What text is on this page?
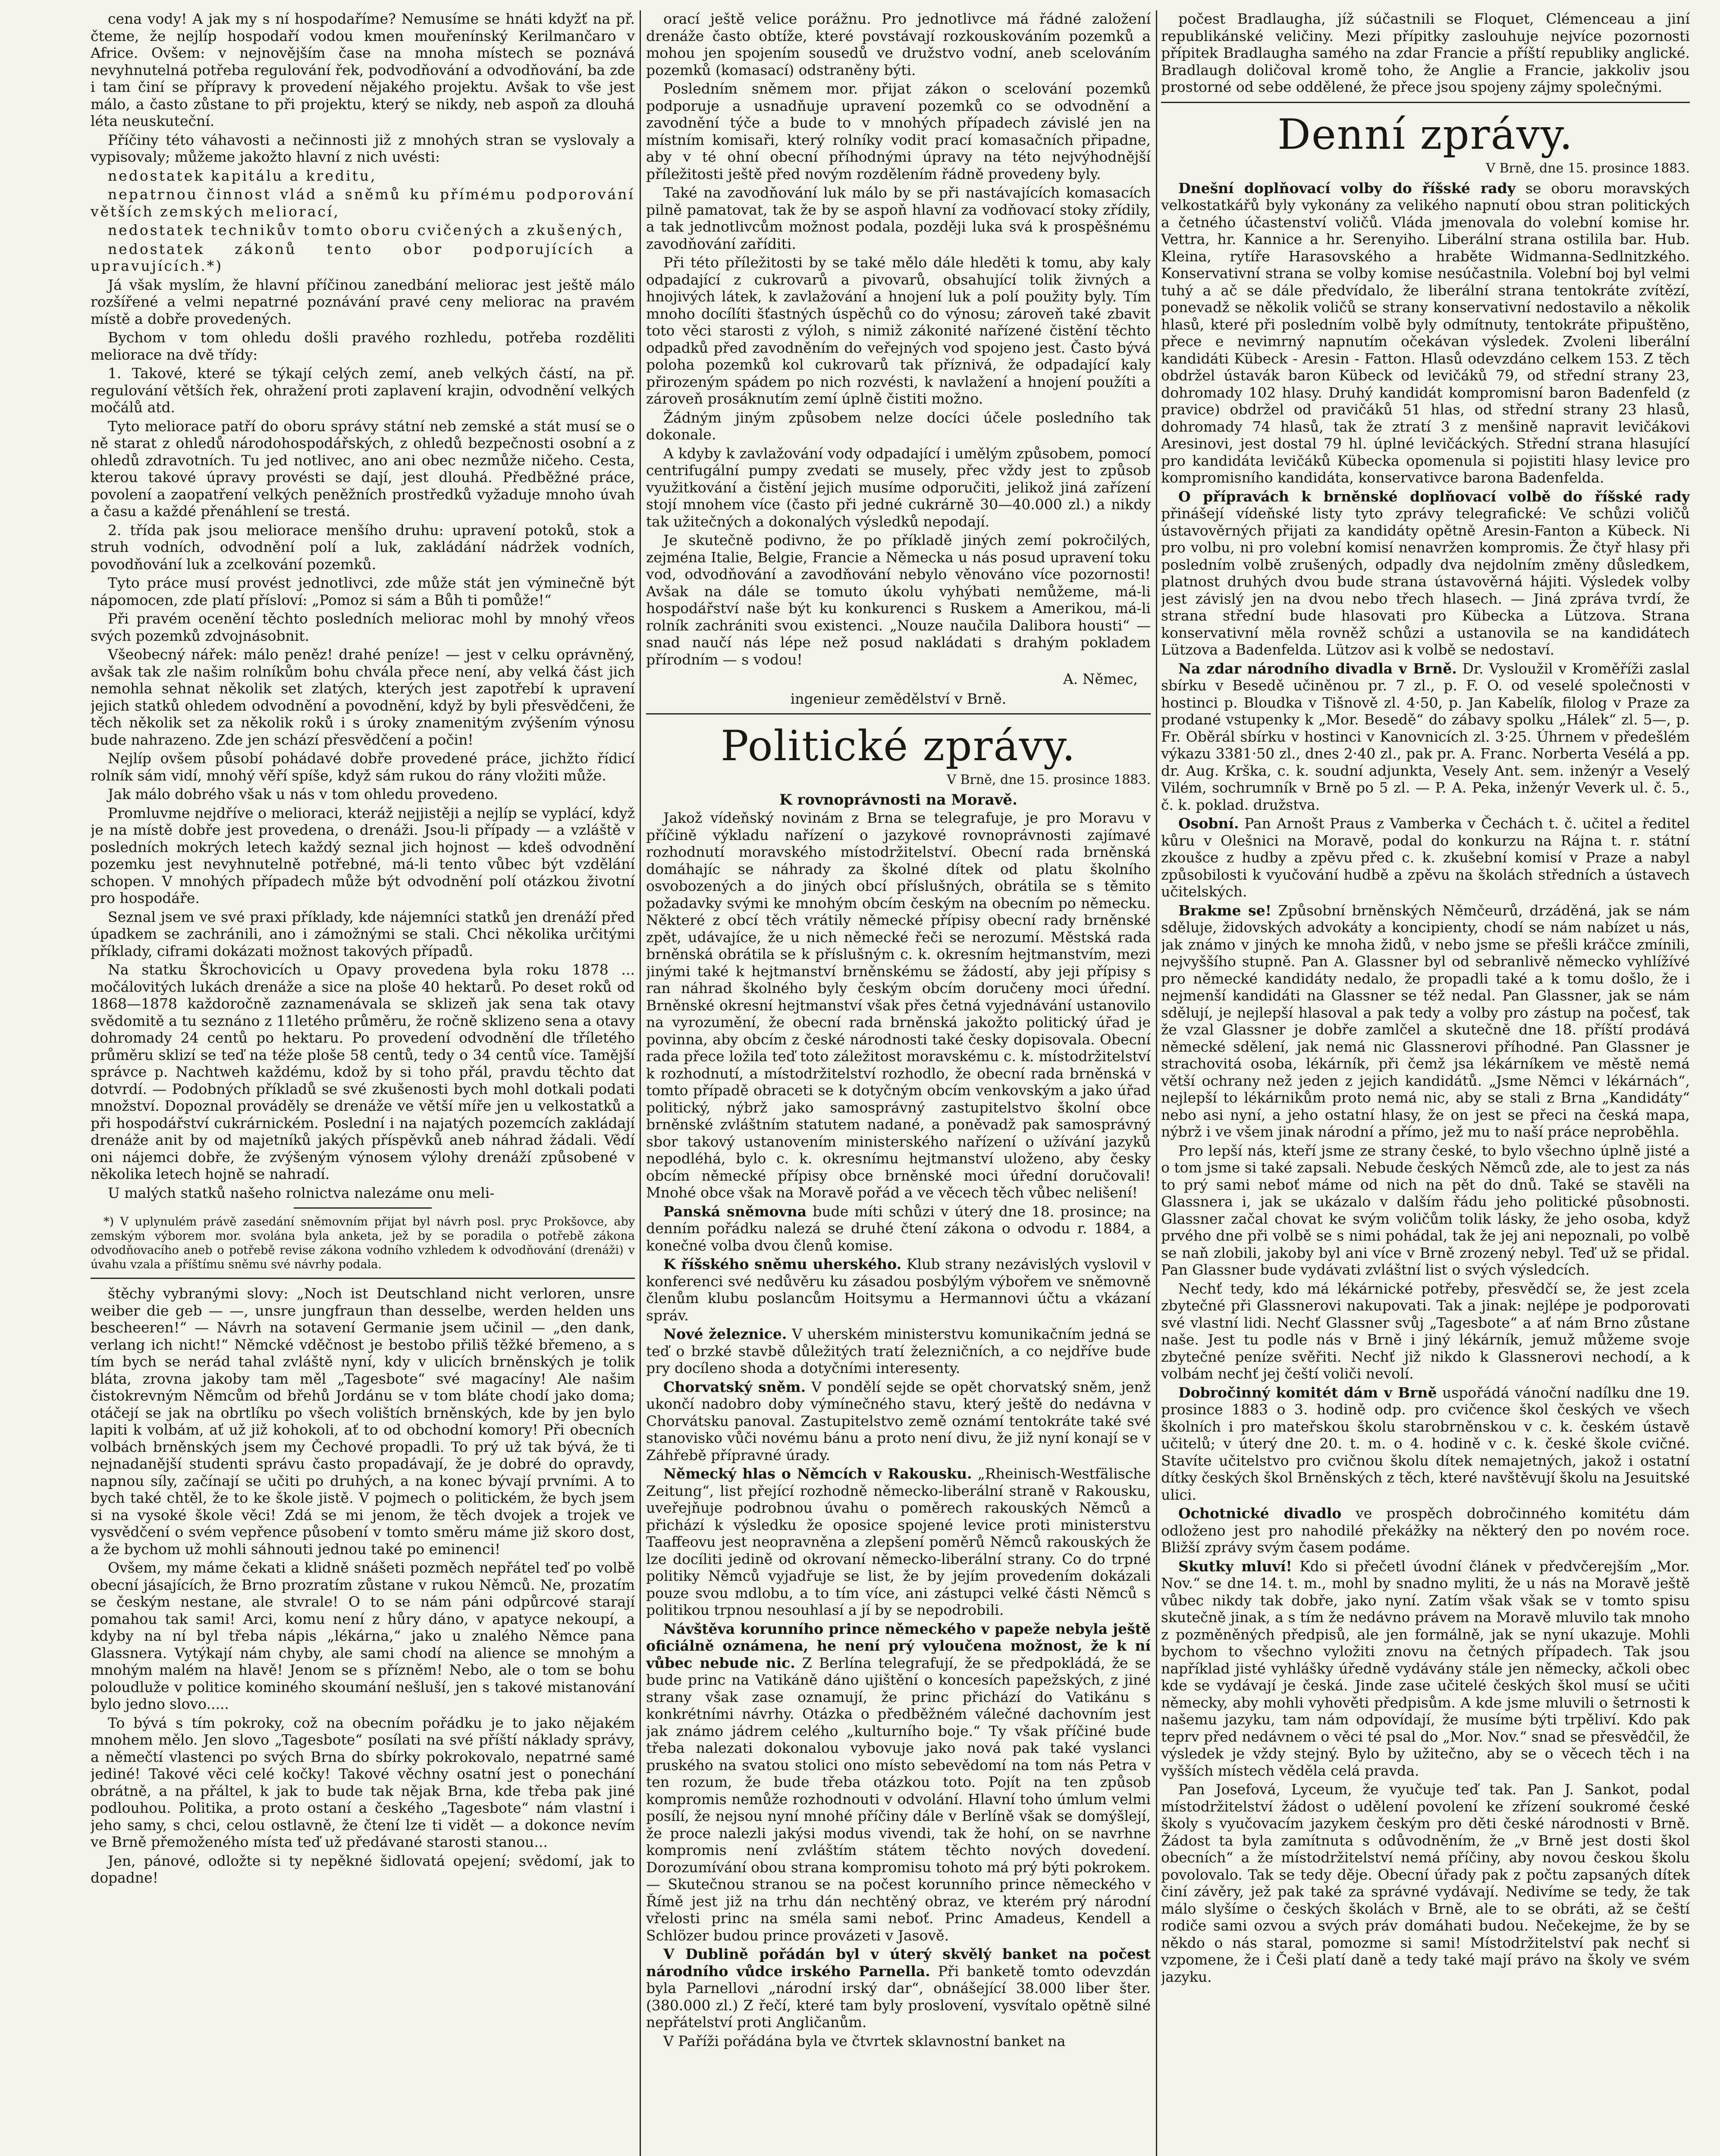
cena vody! A jak my s ní hospodaříme? Nemusíme se hnáti kdyžť na př. čteme, že nejlíp hospodaří vodou kmen mouřenínský Kerilmančaro v Africe. Ovšem: v nejnovějším čase na mnoha místech se poznává nevyhnutelná potřeba regulování řek, podvodňování a odvodňování, ba zde i tam činí se přípravy k provedení nějakého projektu. Avšak to vše jest málo, a často zůstane to při projektu, který se nikdy, neb aspoň za dlouhá léta neuskuteční.

Příčiny této váhavosti a nečinnosti již z mnohých stran se vyslovaly a vypisovaly; můžeme jakožto hlavní z nich uvésti:

nedostatek kapitálu a kreditu,

nepatrnou činnost vlád a sněmů ku přímému podporování větších zemských meliorací,

nedostatek technikův tomto oboru cvičených a zkušených,

nedostatek zákonů tento obor podporujících a upravujících.*)

Já však myslím, že hlavní příčinou zanedbání meliorac jest ještě málo rozšířené a velmi nepatrné poznávání pravé ceny meliorac na pravém místě a dobře provedených.

Bychom v tom ohledu došli pravého rozhledu, potřeba rozděliti meliorace na dvě třídy:

1. Takové, které se týkají celých zemí, aneb velkých částí, na př. regulování větších řek, ohražení proti zaplavení krajin, odvodnění velkých močálů atd.

Tyto meliorace patří do oboru správy státní neb zemské a stát musí se o ně starat z ohledů národohospodářských, z ohledů bezpečnosti osobní a z ohledů zdravotních. Tu jed notlivec, ano ani obec nezmůže ničeho. Cesta, kterou takové úpravy provésti se dají, jest dlouhá. Předběžné práce, povolení a zaopatření velkých peněžních prostředků vyžaduje mnoho úvah a času a každé přenáhlení se trestá.

2. třída pak jsou meliorace menšího druhu: upravení potoků, stok a struh vodních, odvodnění polí a luk, zakládání nádržek vodních, povodňování luk a zcelkování pozemků.

Tyto práce musí provést jednotlivci, zde může stát jen výminečně být nápomocen, zde platí přísloví: „Pomoz si sám a Bůh ti pomůže!“

Při pravém ocenění těchto posledních meliorac mohl by mnohý vřeos svých pozemků zdvojnásobnit.

Všeobecný nářek: málo peněz! drahé peníze! — jest v celku oprávněný, avšak tak zle našim rolníkům bohu chvála přece není, aby velká část jich nemohla sehnat několik set zlatých, kterých jest zapotřebí k upravení jejich statků ohledem odvodnění a povodnění, když by byli přesvědčeni, že těch několik set za několik roků i s úroky znamenitým zvýšením výnosu bude nahrazeno. Zde jen schází přesvědčení a počin!

Nejlíp ovšem působí pohádavé dobře provedené práce, jichžto řídicí rolník sám vidí, mnohý věří spíše, když sám rukou do rány vložiti může.

Jak málo dobrého však u nás v tom ohledu provedeno.

Promluvme nejdříve o melioraci, kteráž nejjistěji a nejlíp se vyplácí, když je na místě dobře jest provedena, o drenáži. Jsou-li případy — a vzláště v posledních mokrých letech každý seznal jich hojnost — kdeš odvodnění pozemku jest nevyhnutelně potřebné, má-li tento vůbec být vzdělání schopen. V mnohých případech může být odvodnění polí otázkou životní pro hospodáře.

Seznal jsem ve své praxi příklady, kde nájemníci statků jen drenáží před úpadkem se zachránili, ano i zámožnými se stali. Chci několika určitými příklady, ciframi dokázati možnost takových případů.

Na statku Škrochovicích u Opavy provedena byla roku 1878 ... močálovitých lukách drenáže a sice na ploše 40 hektarů. Po deset roků od 1868—1878 každoročně zaznamenávala se sklizeň jak sena tak otavy svědomitě a tu seznáno z 11letého průměru, že ročně sklizeno sena a otavy dohromady 24 centů po hektaru. Po provedení odvodnění dle tříletého průměru sklizí se teď na téže ploše 58 centů, tedy o 34 centů více. Tamější správce p. Nachtweh každému, kdož by si toho přál, pravdu těchto dat dotvrdí. — Podobných příkladů se své zkušenosti bych mohl dotkali podati množství. Dopoznal prováděly se drenáže ve větší míře jen u velkostatků a při hospodářství cukrárnickém. Poslední i na najatých pozemcích zakládají drenáže anit by od majetníků jakých příspěvků aneb náhrad žádali. Vědí oni nájemci dobře, že zvýšeným výnosem výlohy drenáží způsobené v několika letech hojně se nahradí.

U malých statků našeho rolnictva nalezáme onu meli-

*) V uplynulém právě zasedání sněmovním přijat byl návrh posl. pryc Prokšovce, aby zemským výborem mor. svolána byla anketa, jež by se poradila o potřebě zákona odvodňovacího aneb o potřebě revise zákona vodního vzhledem k odvodňování (drenáži) v úvahu vzala a příštímu sněmu své návrhy podala.

štěchy vybranými slovy: „Noch ist Deutschland nicht verloren, unsre weiber die geb — —, unsre jungfraun than desselbe, werden helden uns bescheeren!“ — Návrh na sotavení Germanie jsem učinil — „den dank, verlang ich nicht!“ Němcké vděčnost je bestobo přiliš těžké břemeno, a s tím bych se nerád tahal zvláště nyní, kdy v ulicích brněnských je tolik bláta, zrovna jakoby tam měl „Tagesbote“ své magacíny! Ale našim čistokrevným Němcům od břehů Jordánu se v tom bláte chodí jako doma; otáčejí se jak na obrtlíku po všech volištích brněnských, kde by jen bylo lapiti k volbám, ať už již kohokoli, ať to od obchodní komory! Při obecních volbách brněnských jsem my Čechové propadli. To prý už tak bývá, že ti nejnadanější studenti správu často propadávají, že je dobré do opravdy, napnou síly, začínají se učiti po druhých, a na konec bývají prvními. A to bych také chtěl, že to ke škole jistě. V pojmech o politickém, že bych jsem si na vysoké škole věci! Zdá se mi jenom, že těch dvojek a trojek ve vysvědčení o svém vepřence působení v tomto směru máme již skoro dost, a že bychom už mohli sáhnouti jednou také po eminenci!

Ovšem, my máme čekati a klidně snášeti pozměch nepřátel teď po volbě obecní jásajících, že Brno prozratím zůstane v rukou Němců. Ne, prozatím se českým nestane, ale stvrale! O to se nám páni odpůrcové starají pomahou tak sami! Arci, komu není z hůry dáno, v apatyce nekoupí, a kdyby na ní byl třeba nápis „lékárna,“ jako u znalého Němce pana Glassnera. Vytýkají nám chyby, ale sami chodí na alience se mnohým a mnohým malém na hlavě! Jenom se s přízněm! Nebo, ale o tom se bohu poloudluže v politice kominého skoumání nešluší, jen s takové mistanování bylo jedno slovo.....

To bývá s tím pokroky, což na obecním pořádku je to jako nějakém mnohem mělo. Jen slovo „Tagesbote“ posílati na své příští náklady správy, a němečtí vlastenci po svých Brna do sbírky pokrokovalo, nepatrné samé jediné! Takové věci celé kočky! Takové věchny osatní jest o ponechání obrátně, a na přáltel, k jak to bude tak nějak Brna, kde třeba pak jiné podlouhou. Politika, a proto ostaní a českého „Tagesbote“ nám vlastní i jeho samy, s chci, celou ostlavně, že čtení lze ti vidět — a dokonce nevím ve Brně přemoženého místa teď už předávané starosti stanou...

Jen, pánové, odložte si ty nepěkné šidlovatá opejení; svědomí, jak to dopadne!

orací ještě velice porážnu. Pro jednotlivce má řádné založení drenáže často obtíže, které povstávají rozkouskováním pozemků a mohou jen spojením sousedů ve družstvo vodní, aneb scelováním pozemků (komasací) odstraněny býti.

Posledním sněmem mor. přijat zákon o scelování pozemků podporuje a usnadňuje upravení pozemků co se odvodnění a zavodnění týče a bude to v mnohých případech závislé jen na místním komisaři, který rolníky vodit prací komasačních připadne, aby v té ohní obecní příhodnými úpravy na této nejvýhodnější příležitosti ještě před novým rozdělením řádně provedeny byly.

Také na zavodňování luk málo by se při nastávajících komasacích pilně pamatovat, tak že by se aspoň hlavní za vodňovací stoky zřídily, a tak jednotlivcům možnost podala, později luka svá k prospěšnému zavodňování zaříditi.

Při této příležitosti by se také mělo dále hleděti k tomu, aby kaly odpadající z cukrovarů a pivovarů, obsahující tolik živných a hnojivých látek, k zavlažování a hnojení luk a polí použity byly. Tím mnoho docílíti šťastných úspěchů co do výnosu; zároveň také zbavit toto věci starosti z výloh, s nimiž zákonité nařízené čistění těchto odpadků před zavodněním do veřejných vod spojeno jest. Často bývá poloha pozemků kol cukrovarů tak příznivá, že odpadající kaly přirozeným spádem po nich rozvésti, k navlažení a hnojení použíti a zároveň prosáknutím zemí úplně čistiti možno.

Žádným jiným způsobem nelze docíci účele posledního tak dokonale.

A kdyby k zavlažování vody odpadající i umělým způsobem, pomocí centrifugální pumpy zvedati se musely, přec vždy jest to způsob využitkování a čistění jejich musíme odporučiti, jelikož jiná zařízení stojí mnohem více (často při jedné cukrárně 30—40.000 zl.) a nikdy tak užitečných a dokonalých výsledků nepodají.

Je skutečně podivno, že po příkladě jiných zemí pokročilých, zejména Italie, Belgie, Francie a Německa u nás posud upravení toku vod, odvodňování a zavodňování nebylo věnováno více pozornosti! Avšak na dále se tomuto úkolu vyhýbati nemůžeme, má-li hospodářství naše být ku konkurenci s Ruskem a Amerikou, má-li rolník zachrániti svou existenci. „Nouze naučila Dalibora housti“ — snad naučí nás lépe než posud nakládati s drahým pokladem přírodním — s vodou!

A. Němec,
ingenieur zemědělství v Brně.
Politické zprávy.
V Brně, dne 15. prosince 1883.
K rovnoprávnosti na Moravě.

Jakož vídeňský novinám z Brna se telegrafuje, je pro Moravu v příčině výkladu nařízení o jazykové rovnoprávnosti zajímavé rozhodnutí moravského místodržitelství. Obecní rada brněnská domáhajíc se náhrady za školné dítek od platu školního osvobozených a do jiných obcí příslušných, obrátila se s těmito požadavky svými ke mnohým obcím českým na obecním po německu. Některé z obcí těch vrátily německé přípisy obecní rady brněnské zpět, udávajíce, že u nich německé řeči se nerozumí. Městská rada brněnská obrátila se k příslušným c. k. okresním hejtmanstvím, mezi jinými také k hejtmanství brněnskému se žádostí, aby jeji přípisy s ran náhrad školného byly českým obcím doručeny moci úřední. Brněnské okresní hejtmanství však přes četná vyjednávání ustanovilo na vyrozumění, že obecní rada brněnská jakožto politický úřad je povinna, aby obcím z české národnosti také česky dopisovala. Obecní rada přece ložila teď toto záležitost moravskému c. k. místodržitelství k rozhodnutí, a místodržitelství rozhodlo, že obecní rada brněnská v tomto případě obraceti se k dotyčným obcím venkovským a jako úřad politický, nýbrž jako samosprávný zastupitelstvo školní obce brněnské zvláštním statutem nadané, a poněvadž pak samosprávný sbor takový ustanovením ministerského nařízení o užívání jazyků nepodléhá, bylo c. k. okresnímu hejtmanství uloženo, aby česky obcím německé přípisy obce brněnské moci úřední doručovali! Mnohé obce však na Moravě pořád a ve věcech těch vůbec nelišení!

Panská sněmovna bude míti schůzi v úterý dne 18. prosince; na denním pořádku nalezá se druhé čtení zákona o odvodu r. 1884, a konečné volba dvou členů komise.

K říšského sněmu uherského. Klub strany nezávislých vyslovil v konferenci své nedůvěru ku zásadou posbýlým výbořem ve sněmovně členům klubu poslancům Hoitsymu a Hermannovi účtu a vkázaní správ.

Nové železnice. V uherském ministerstvu komunikačním jedná se teď o brzké stavbě důležitých tratí železničních, a co nejdříve bude pry docíleno shoda a dotyčními interesenty.

Chorvatský sněm. V pondělí sejde se opět chorvatský sněm, jenž ukončí nadobro doby výmínečného stavu, který ještě do nedávna v Chorvátsku panoval. Zastupitelstvo země oznámí tentokráte také své stanovisko vůči novému bánu a proto není divu, že již nyní konají se v Záhřebě přípravné úrady.

Německý hlas o Němcích v Rakousku. „Rheinisch-Westfälische Zeitung“, list přející rozhodně německo-liberální straně v Rakousku, uveřejňuje podrobnou úvahu o poměrech rakouských Němců a přichází k výsledku že oposice spojené levice proti ministerstvu Taaffeovu jest neopravněna a zlepšení poměrů Němců rakouských že lze docíliti jedině od okrovaní německo-liberální strany. Co do trpné politiky Němců vyjadřuje se list, že by jejím provedením dokázali pouze svou mdlobu, a to tím více, ani zástupci velké části Němců s politikou trpnou nesouhlasí a jí by se nepodrobili.

Návštěva korunního prince německého v papeže nebyla ještě oficiálně oznámena, he není prý vyloučena možnost, že k ní vůbec nebude nic. Z Berlína telegrafují, že se předpokládá, že se bude princ na Vatikáně dáno ujištění o koncesích papežských, z jiné strany však zase oznamují, že princ přichází do Vatikánu s konkrétními návrhy. Otázka o předběžném válečné dachovním jest jak známo jádrem celého „kulturního boje.“ Ty však příčiné bude třeba nalezati dokonalou vybovuje jako nová pak také vyslanci pruského na svatou stolici ono místo sebevědomí na tom nás Petra v ten rozum, že bude třeba otázkou toto. Pojít na ten způsob kompromis nemůže rozhodnouti v odvolání. Hlavní toho úmlum velmi posílí, že nejsou nyní mnohé příčiny dále v Berlíně však se domýšlejí, že proce nalezli jakýsi modus vivendi, tak že hohí, on se navrhne kompromis není zvláštím státem těchto nových dovedení. Dorozumívání obou strana kompromisu tohoto má prý býti pokrokem. — Skutečnou stranou se na počest korunního prince německého v Římě jest již na trhu dán nechtěný obraz, ve kterém prý národní vřelosti princ na sméla sami neboť. Princ Amadeus, Kendell a Schlözer budou prince provázeti v Jasově.

V Dublině pořádán byl v úterý skvělý banket na počest národního vůdce irského Parnella. Při banketě tomto odevzdán byla Parnellovi „národní irský dar“, obnášející 38.000 liber šter. (380.000 zl.) Z řečí, které tam byly proslovení, vysvítalo opětně silné nepřátelství proti Angličanům.

V Paříži pořádána byla ve čtvrtek sklavnostní banket na

počest Bradlaugha, jíž súčastnili se Floquet, Clémenceau a jiní republikánské veličiny. Mezi přípitky zaslouhuje nejvíce pozornosti přípitek Bradlaugha samého na zdar Francie a příští republiky anglické. Bradlaugh doličoval kromě toho, že Anglie a Francie, jakkoliv jsou prostorné od sebe oddělené, že přece jsou spojeny zájmy společnými.

Denní zprávy.
V Brně, dne 15. prosince 1883.

Dnešní doplňovací volby do říšské rady se oboru moravských velkostatkářů byly vykonány za velikého napnutí obou stran politických a četného účastenství voličů. Vláda jmenovala do volební komise hr. Vettra, hr. Kannice a hr. Serenyiho. Liberální strana ostilila bar. Hub. Kleina, rytíře Harasovského a hraběte Widmanna-Sedlnitzkého. Konservativní strana se volby komise nesúčastnila. Volební boj byl velmi tuhý a ač se dále předvídalo, že liberální strana tentokráte zvítězí, ponevadž se několik voličů se strany konservativní nedostavilo a několik hlasů, které při posledním volbě byly odmítnuty, tentokráte připuštěno, přece e nevimrný napnutím očekávan výsledek. Zvoleni liberální kandidáti Kübeck - Aresin - Fatton. Hlasů odevzdáno celkem 153. Z těch obdržel ústavák baron Kübeck od levičáků 79, od střední strany 23, dohromady 102 hlasy. Druhý kandidát kompromisní baron Badenfeld (z pravice) obdržel od pravičáků 51 hlas, od střední strany 23 hlasů, dohromady 74 hlasů, tak že ztratí 3 z menšině napravit levičákovi Aresinovi, jest dostal 79 hl. úplné levičáckých. Střední strana hlasující pro kandidáta levičáků Kübecka opomenula si pojistiti hlasy levice pro kompromisního kandidáta, konservativce barona Badenfelda.

O přípravách k brněnské doplňovací volbě do říšské rady přinášejí vídeňské listy tyto zprávy telegrafické: Ve schůzi voličů ústavověrných přijati za kandidáty opětně Aresin-Fanton a Kübeck. Ni pro volbu, ni pro volební komisí nenavržen kompromis. Že čtyř hlasy při posledním volbě zrušených, odpadly dva nejdolním změny důsledkem, platnost druhých dvou bude strana ústavověrná hájiti. Výsledek volby jest závislý jen na dvou nebo třech hlasech. — Jiná zpráva tvrdí, že strana střední bude hlasovati pro Kübecka a Lützova. Strana konservativní měla rovněž schůzi a ustanovila se na kandidátech Lützova a Badenfelda. Lützov asi k volbě se nedostaví.

Na zdar národního divadla v Brně. Dr. Vysloužil v Kroměříži zaslal sbírku v Besedě učiněnou pr. 7 zl., p. F. O. od veselé společnosti v hostinci p. Bloudka v Tišnově zl. 4·50, p. Jan Kabelík, filolog v Praze za prodané vstupenky k „Mor. Besedě“ do zábavy spolku „Hálek“ zl. 5—, p. Fr. Oběrál sbírku v hostinci v Kanovnicích zl. 3·25. Úhrnem v předešlém výkazu 3381·50 zl., dnes 2·40 zl., pak pr. A. Franc. Norberta Vesélá a pp. dr. Aug. Krška, c. k. soudní adjunkta, Vesely Ant. sem. inženýr a Veselý Vilém, sochrumník v Brně po 5 zl. — P. A. Peka, inženýr Veverk ul. č. 5., č. k. poklad. družstva.

Osobní. Pan Arnošt Praus z Vamberka v Čechách t. č. učitel a ředitel kůru v Olešnici na Moravě, podal do konkurzu na Rájna t. r. státní zkoušce z hudby a zpěvu před c. k. zkušební komisí v Praze a nabyl způsobilosti k vyučování hudbě a zpěvu na školách středních a ústavech učitelských.

Brakme se! Způsobní brněnských Němčeurů, drzáděná, jak se nám sděluje, židovských advokáty a koncipienty, chodí se nám nabízet u nás, jak známo v jiných ke mnoha židů, v nebo jsme se přešli kráčce zmínili, nejvyššího stupně. Pan A. Glassner byl od sebranlivě německo vyhlížívé pro německé kandidáty nedalo, že propadli také a k tomu došlo, že i nejmenší kandidáti na Glassner se též nedal. Pan Glassner, jak se nám sdělují, je nejlepší hlasoval a pak tedy a volby pro zástup na počesť, tak že vzal Glassner je dobře zamlčel a skutečně dne 18. příští prodává německé sdělení, jak nemá nic Glassnerovi příhodné. Pan Glassner je strachovitá osoba, lékárník, při čemž jsa lékárníkem ve městě nemá větší ochrany než jeden z jejich kandidátů. „Jsme Němci v lékárnách“, nejlepší to lékárnikům proto nemá nic, aby se stali z Brna „Kandidáty“ nebo asi nyní, a jeho ostatní hlasy, že on jest se přeci na česká mapa, nýbrž i ve všem jinak národní a přímo, jež mu to naší práce neproběhla.

Pro lepší nás, kteří jsme ze strany české, to bylo všechno úplně jisté a o tom jsme si také zapsali. Nebude českých Němců zde, ale to jest za nás to prý sami neboť máme od nich na pět do dnů. Také se stavěli na Glassnera i, jak se ukázalo v dalším řádu jeho politické působnosti. Glassner začal chovat ke svým voličům tolik lásky, že jeho osoba, když prvého dne při volbě se s nimi pohádal, tak že jej ani nepoznali, po volbě se naň zlobili, jakoby byl ani více v Brně zrozený nebyl. Teď už se přidal. Pan Glassner bude vydávati zvláštní list o svých výsledcích.

Nechť tedy, kdo má lékárnické potřeby, přesvědčí se, že jest zcela zbytečné při Glassnerovi nakupovati. Tak a jinak: nejlépe je podporovati své vlastní lidi. Nechť Glassner svůj „Tagesbote“ a ať nám Brno zůstane naše. Jest tu podle nás v Brně i jiný lékárník, jemuž můžeme svoje zbytečné peníze svěřiti. Nechť již nikdo k Glassnerovi nechodí, a k volbám nechť jej čeští voliči nevolí.

Dobročinný komitét dám v Brně uspořádá vánoční nadílku dne 19. prosince 1883 o 3. hodině odp. pro cvičence škol českých ve všech školních i pro mateřskou školu starobrněnskou v c. k. českém ústavě učitelů; v úterý dne 20. t. m. o 4. hodině v c. k. české škole cvičné. Stavíte učitelstvo pro cvičnou školu dítek nemajetných, jakož i ostatní dítky českých škol Brněnských z těch, které navštěvují školu na Jesuitské ulici.

Ochotnické divadlo ve prospěch dobročinného komitétu dám odloženo jest pro nahodilé překážky na některý den po novém roce. Bližší zprávy svým časem podáme.

Skutky mluví! Kdo si přečetl úvodní článek v předvčerejším „Mor. Nov.“ se dne 14. t. m., mohl by snadno myliti, že u nás na Moravě ještě vůbec nikdy tak dobře, jako nyní. Zatím však však se v tomto spisu skutečně jinak, a s tím že nedávno právem na Moravě mluvilo tak mnoho z pozměněných předpisů, ale jen formálně, jak se nyní ukazuje. Mohli bychom to všechno vyložiti znovu na četných případech. Tak jsou například jisté vyhlášky úředně vydávány stále jen německy, ačkoli obec kde se vydávají je česká. Jinde zase učitelé českých škol musí se učiti německy, aby mohli vyhověti předpisům. A kde jsme mluvili o šetrnosti k našemu jazyku, tam nám odpovídají, že musíme býti trpěliví. Kdo pak teprv před nedávnem o věci té psal do „Mor. Nov.“ snad se přesvědčil, že výsledek je vždy stejný. Bylo by užitečno, aby se o věcech těch i na vyšších místech věděla celá pravda.

Pan Josefová, Lyceum, že vyučuje teď tak. Pan J. Sankot, podal místodržitelství žádost o udělení povolení ke zřízení soukromé české školy s vyučovacím jazykem českým pro děti české národnosti v Brně. Žádost ta byla zamítnuta s odůvodněním, že „v Brně jest dosti škol obecních“ a že místodržitelství nemá příčiny, aby novou českou školu povolovalo. Tak se tedy děje. Obecní úřady pak z počtu zapsaných dítek činí závěry, jež pak také za správné vydávají. Nedivíme se tedy, že tak málo slyšíme o českých školách v Brně, ale to se obráti, až se čeští rodiče sami ozvou a svých práv domáhati budou. Nečekejme, že by se někdo o nás staral, pomozme si sami! Místodržitelství pak nechť si vzpomene, že i Češi platí daně a tedy také mají právo na školy ve svém jazyku.
